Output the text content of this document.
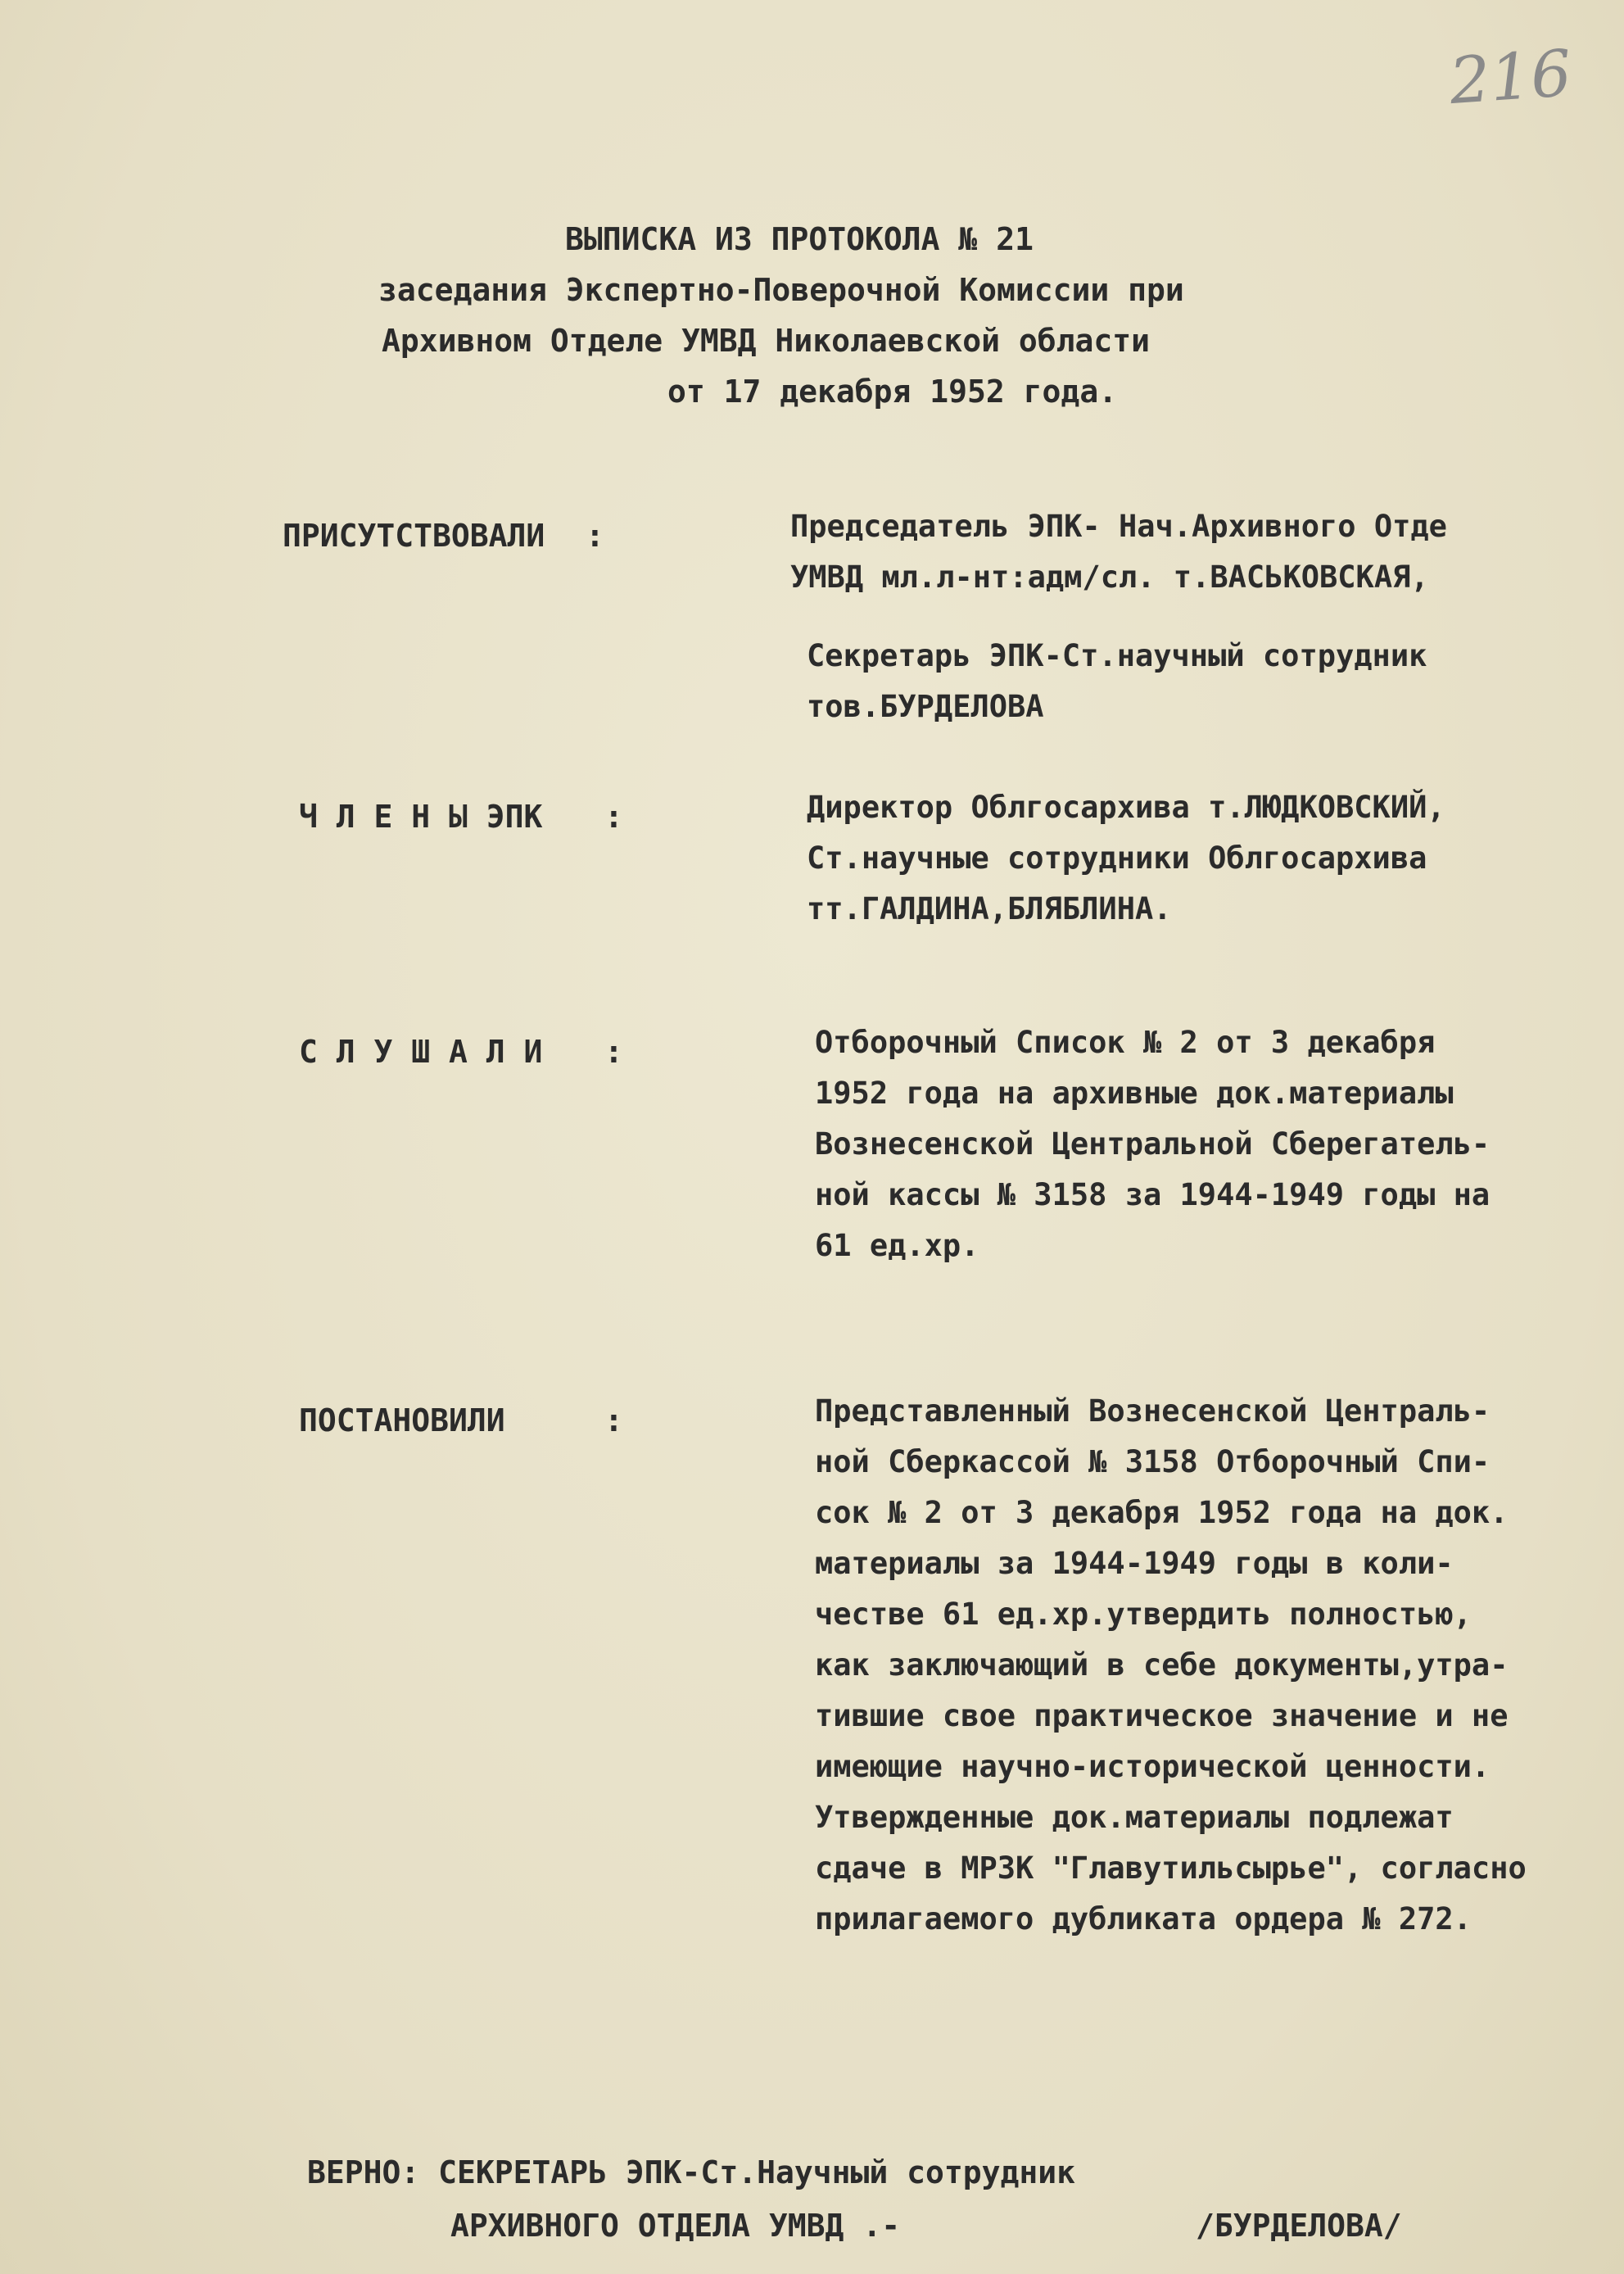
216
ВЫПИСКА ИЗ ПРОТОКОЛА № 21
заседания Экспертно-Поверочной Комиссии при
Архивном Отделе УМВД Николаевской области
от 17 декабря 1952 года.
ПРИСУТСТВОВАЛИ :	Председатель ЭПК- Нач.Архивного Отде
УМВД мл.л-нт:адм/сл. т.ВАСЬКОВСКАЯ,
Секретарь ЭПК-Ст.научный сотрудник
тов.БУРДЕЛОВА
Ч Л Е Н Ы ЭПК :	Директор Облгосархива т.ЛЮДКОВСКИЙ,
Ст.научные сотрудники Облгосархива
тт.ГАЛДИНА,БЛЯБЛИНА.
С Л У Ш А Л И :	Отборочный Список № 2 от 3 декабря
1952 года на архивные док.материалы
Вознесенской Центральной Сберегатель-
ной кассы № 3158 за 1944-1949 годы на
61 ед.хр.
ПОСТАНОВИЛИ	:	Представленный Вознесенской Централь-
ной Сберкассой № 3158 Отборочный Спи-
сок № 2 от 3 декабря 1952 года на док.
материалы за 1944-1949 годы в коли-
честве 61 ед.хр.утвердить полностью,
как заключающий в себе документы,утра-
тившие свое практическое значение и не
имеющие научно-исторической ценности.
Утвержденные док.материалы подлежат
сдаче в МРЗК "Главутильсырье", согласно
прилагаемого дубликата ордера № 272.
ВЕРНО: СЕКРЕТАРЬ ЭПК-Ст.Научный сотрудник
АРХИВНОГО ОТДЕЛА УМВД .-	/БУРДЕЛОВА/
